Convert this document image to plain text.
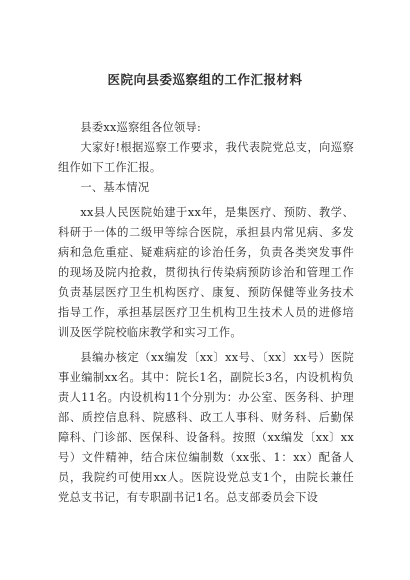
医院向县委巡察组的工作汇报材料

县委xx巡察组各位领导:

大家好!根据巡察工作要求，我代表院党总支，向巡察组作如下工作汇报。

一、基本情况

xx县人民医院始建于xx年，是集医疗、预防、教学、科研于一体的二级甲等综合医院，承担县内常见病、多发病和急危重症、疑难病症的诊治任务，负责各类突发事件的现场及院内抢救，贯彻执行传染病预防诊治和管理工作负责基层医疗卫生机构医疗、康复、预防保健等业务技术指导工作，承担基层医疗卫生机构卫生技术人员的进修培训及医学院校临床教学和实习工作。

县编办核定（xx编发〔xx〕xx号、〔xx〕xx号）医院事业编制xx名。其中：院长1名，副院长3名，内设机构负责人11名。内设机构11个分别为：办公室、医务科、护理部、质控信息科、院感科、政工人事科、财务科、后勤保障科、门诊部、医保科、设备科。按照（xx编发〔xx〕xx号）文件精神，结合床位编制数（xx张、1：xx）配备人员，我院约可使用xx人。医院设党总支1个，由院长兼任党总支书记，有专职副书记1名。总支部委员会下设
